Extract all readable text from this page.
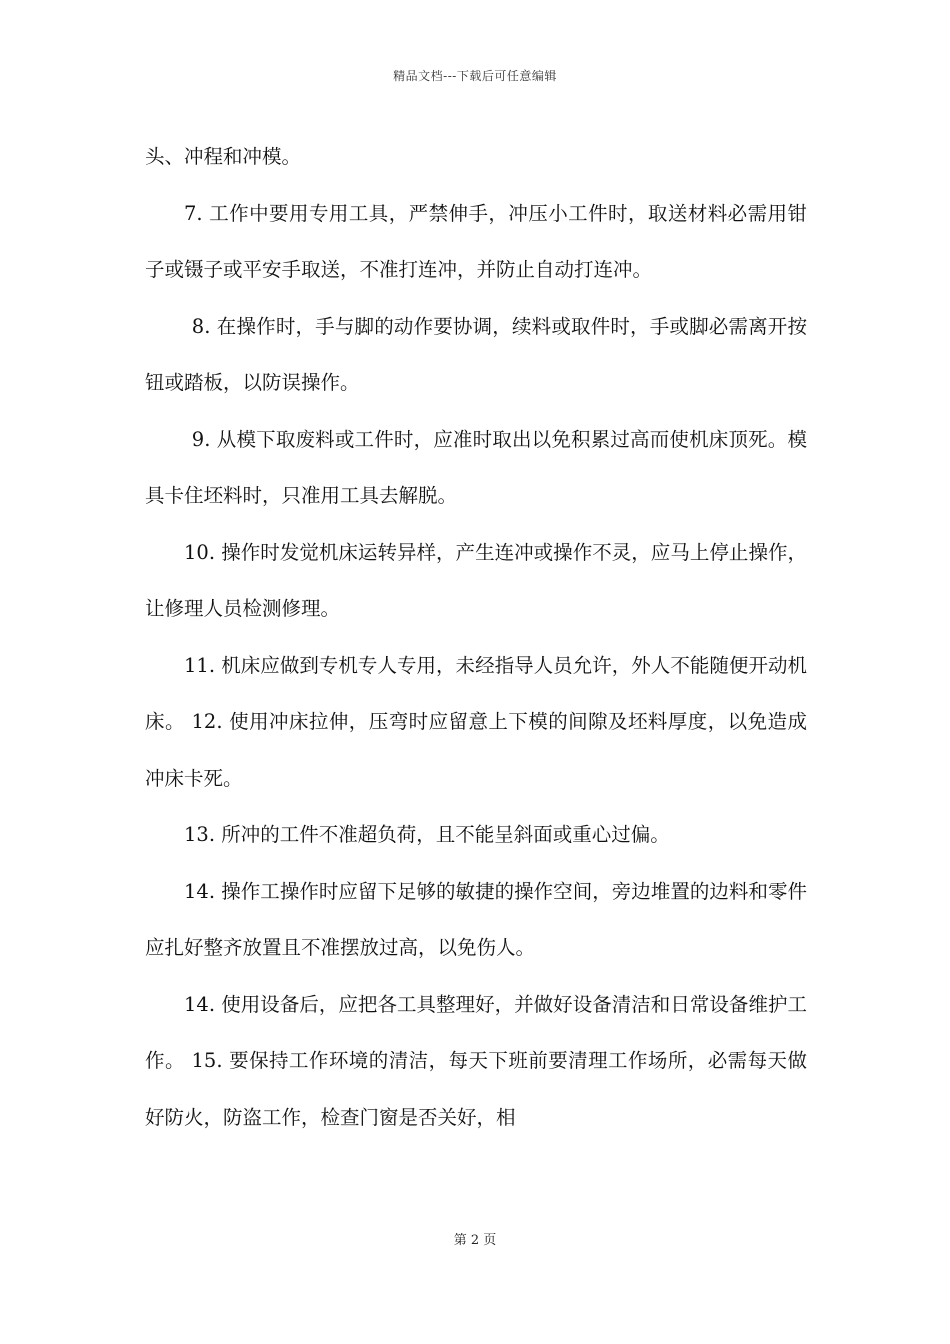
精品文档---下载后可任意编辑

头、冲程和冲模。

7. 工作中要用专用工具，严禁伸手，冲压小工件时，取送材料必需用钳子或镊子或平安手取送，不准打连冲，并防止自动打连冲。

8. 在操作时，手与脚的动作要协调，续料或取件时，手或脚必需离开按钮或踏板，以防误操作。

9. 从模下取废料或工件时，应准时取出以免积累过高而使机床顶死。模具卡住坯料时，只准用工具去解脱。

10. 操作时发觉机床运转异样，产生连冲或操作不灵，应马上停止操作，让修理人员检测修理。

11. 机床应做到专机专人专用，未经指导人员允许，外人不能随便开动机床。 12. 使用冲床拉伸，压弯时应留意上下模的间隙及坯料厚度，以免造成冲床卡死。

13. 所冲的工件不准超负荷，且不能呈斜面或重心过偏。

14. 操作工操作时应留下足够的敏捷的操作空间，旁边堆置的边料和零件应扎好整齐放置且不准摆放过高，以免伤人。

14. 使用设备后，应把各工具整理好，并做好设备清洁和日常设备维护工作。 15. 要保持工作环境的清洁，每天下班前要清理工作场所，必需每天做好防火，防盗工作，检查门窗是否关好，相

第 2 页
